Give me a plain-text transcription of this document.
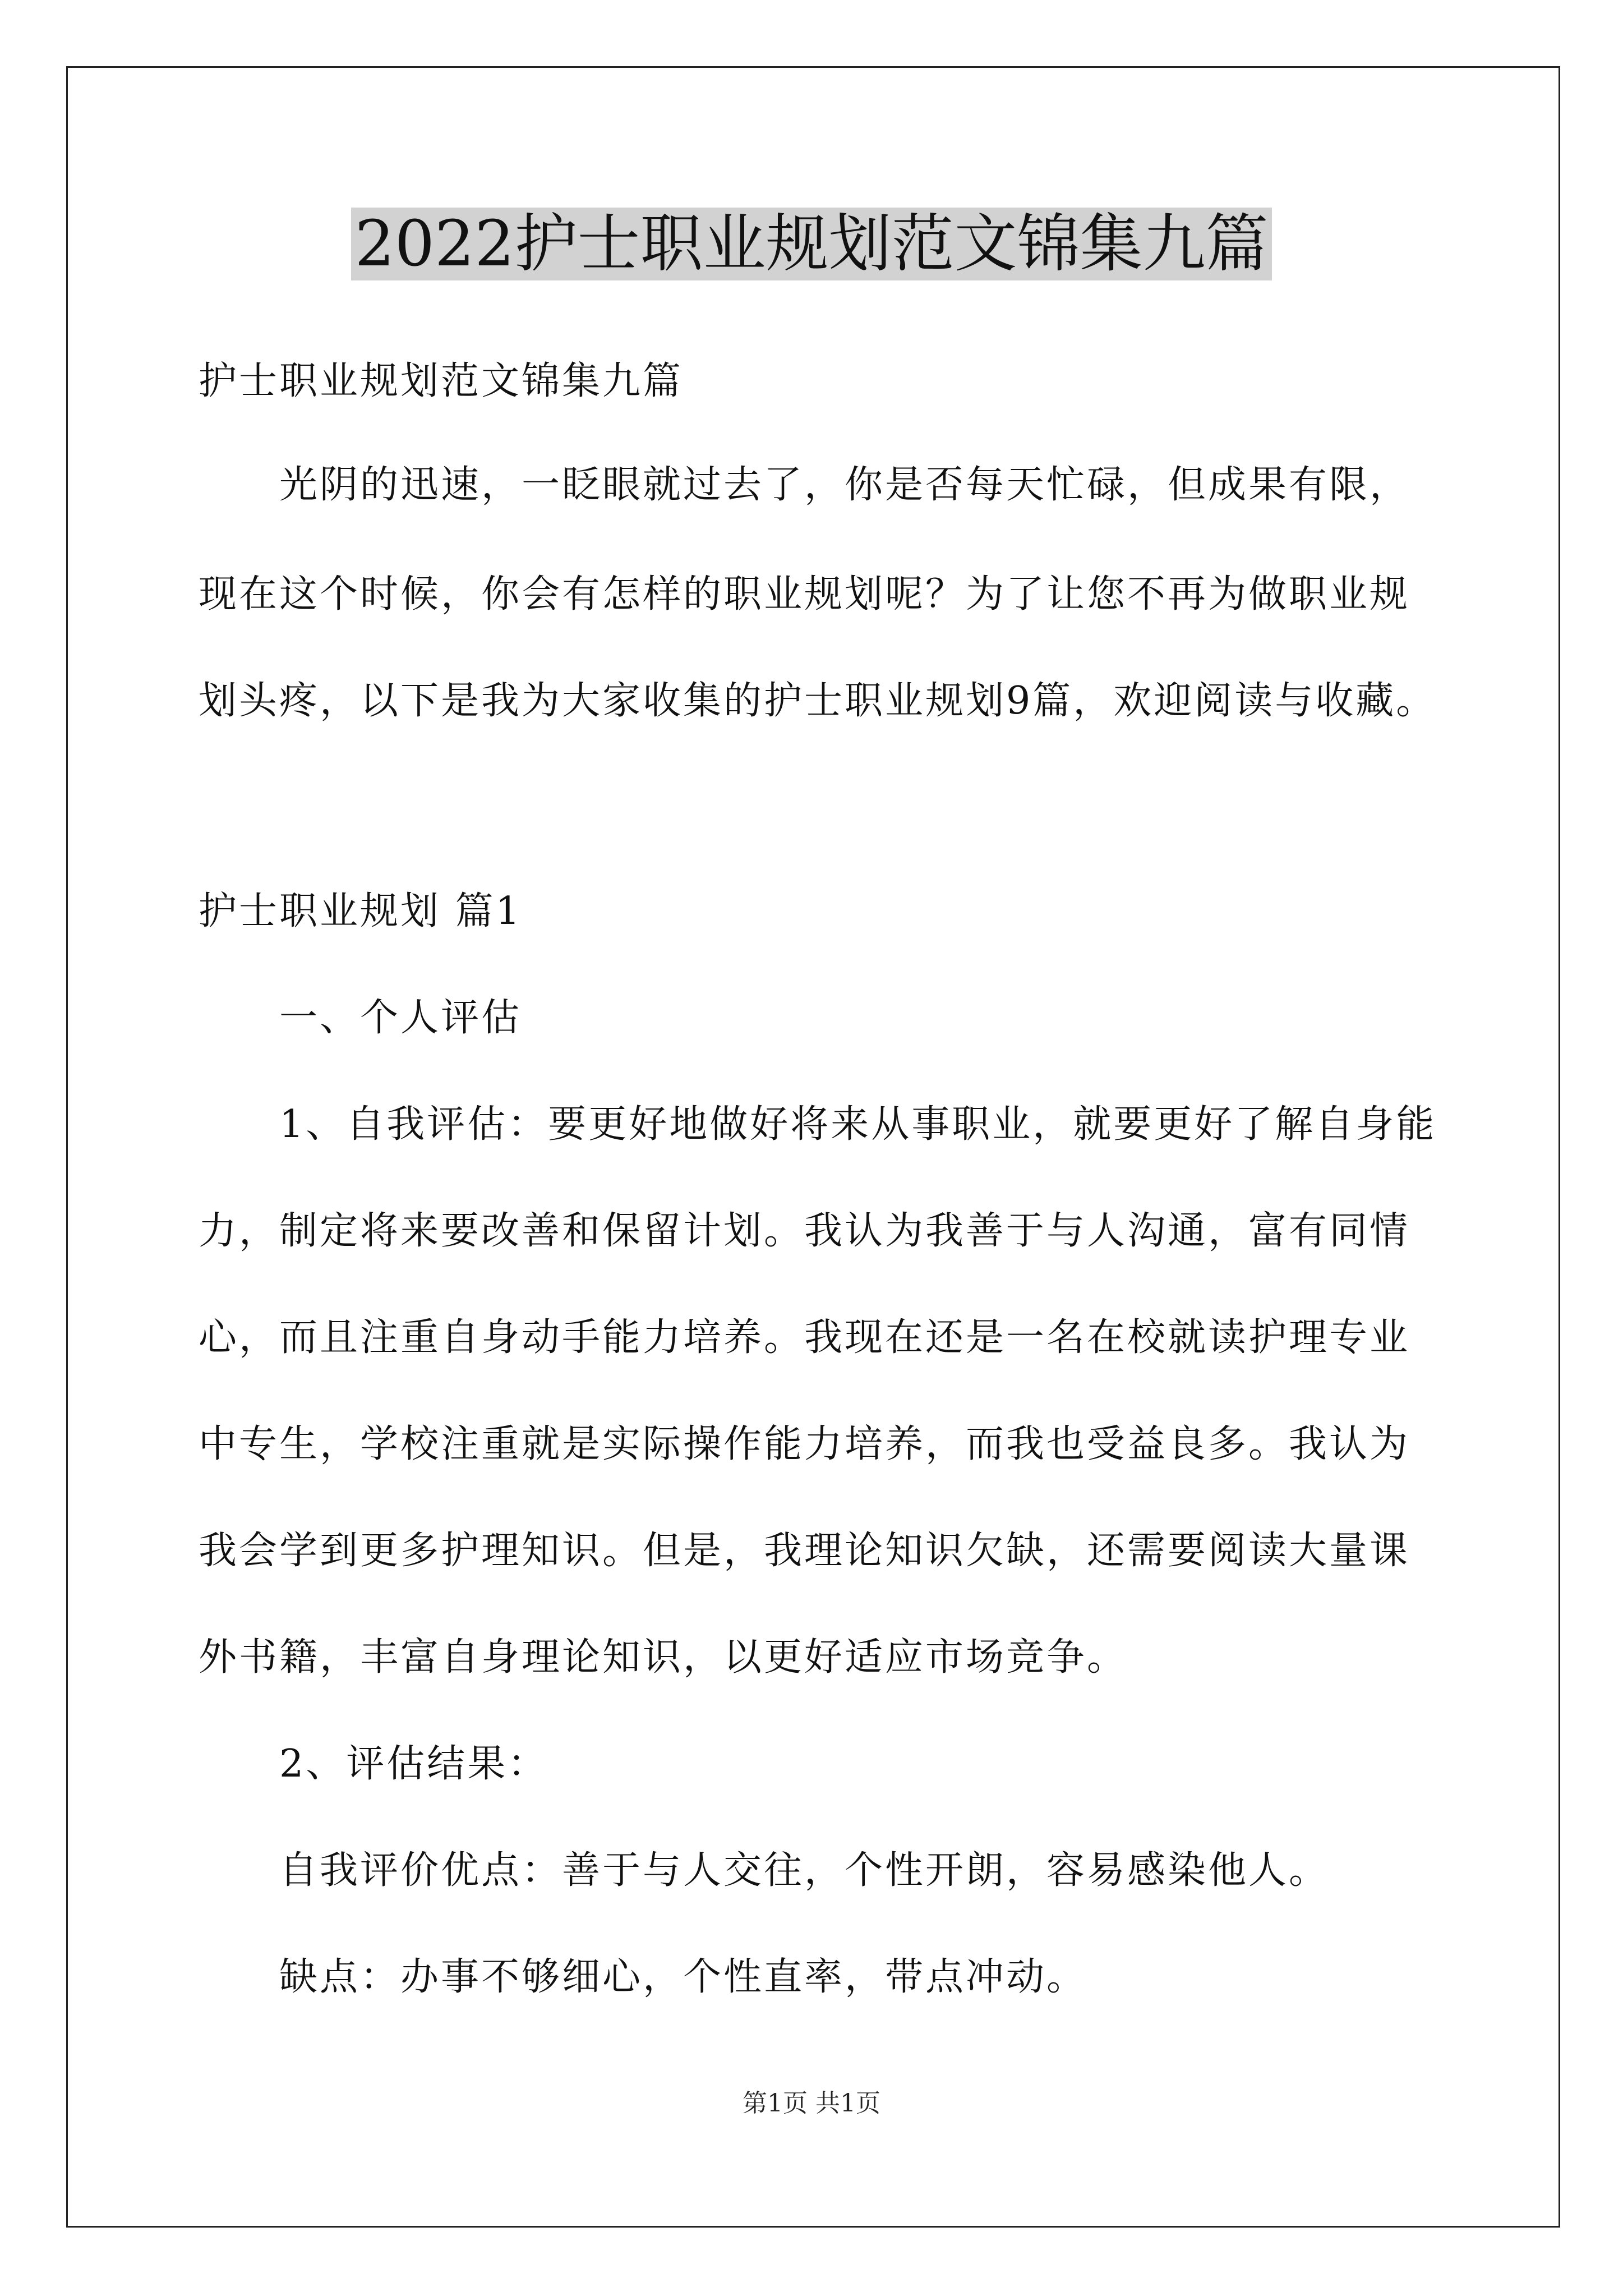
2022护士职业规划范文锦集九篇
护士职业规划范文锦集九篇
光阴的迅速，一眨眼就过去了，你是否每天忙碌，但成果有限，
现在这个时候，你会有怎样的职业规划呢？为了让您不再为做职业规
划头疼，以下是我为大家收集的护士职业规划9篇，欢迎阅读与收藏。
护士职业规划 篇1
一、个人评估
1、自我评估：要更好地做好将来从事职业，就要更好了解自身能
力，制定将来要改善和保留计划。我认为我善于与人沟通，富有同情
心，而且注重自身动手能力培养。我现在还是一名在校就读护理专业
中专生，学校注重就是实际操作能力培养，而我也受益良多。我认为
我会学到更多护理知识。但是，我理论知识欠缺，还需要阅读大量课
外书籍，丰富自身理论知识，以更好适应市场竞争。
2、评估结果：
自我评价优点：善于与人交往，个性开朗，容易感染他人。
缺点：办事不够细心，个性直率，带点冲动。
第1页 共1页
